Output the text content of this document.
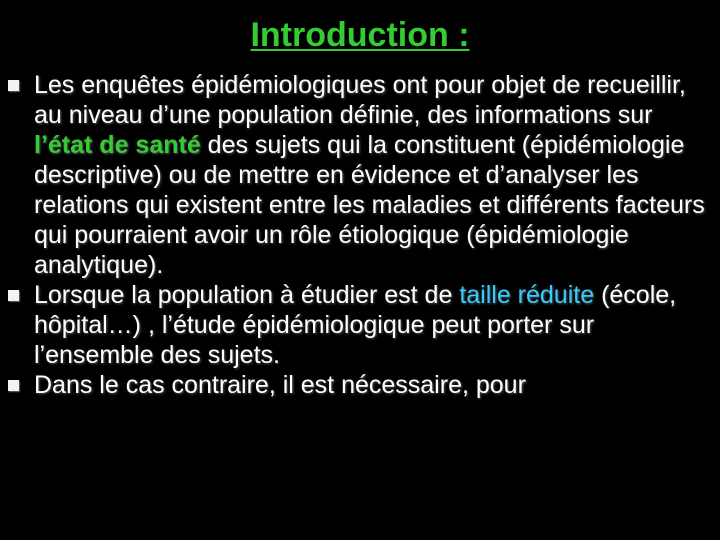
Introduction :
Les enquêtes épidémiologiques ont pour objet de recueillir, au niveau d’une population définie, des informations sur l’état de santé des sujets qui la constituent (épidémiologie descriptive) ou de mettre en évidence et d’analyser les relations qui existent entre les maladies et différents facteurs qui pourraient avoir un rôle étiologique (épidémiologie analytique).
Lorsque la population à étudier est de taille réduite (école, hôpital…) , l’étude épidémiologique peut porter sur l’ensemble des sujets.
Dans le cas contraire, il est nécessaire, pour
